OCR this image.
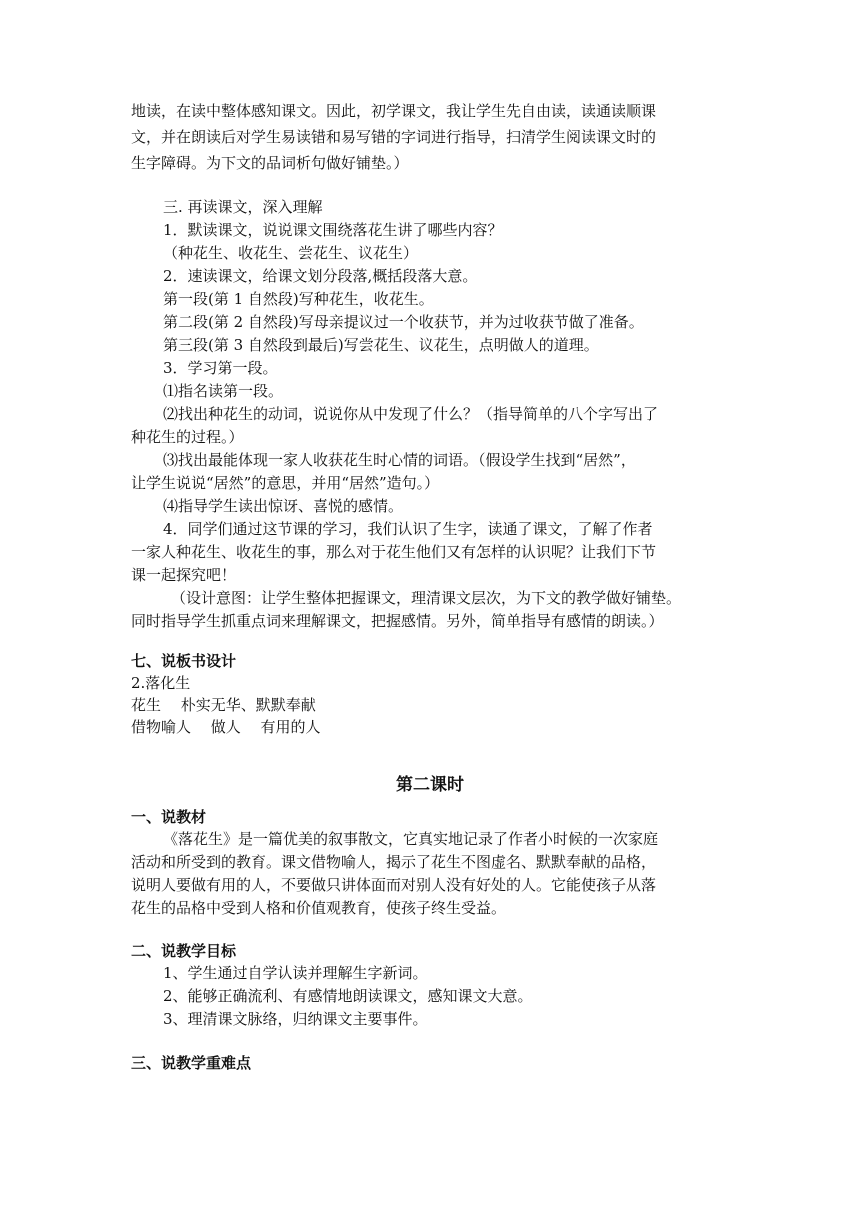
地读，在读中整体感知课文。因此，初学课文，我让学生先自由读，读通读顺课
文，并在朗读后对学生易读错和易写错的字词进行指导，扫清学生阅读课文时的
生字障碍。为下文的品词析句做好铺垫。）
三. 再读课文，深入理解
1．默读课文，说说课文围绕落花生讲了哪些内容？
（种花生、收花生、尝花生、议花生）
2．速读课文，给课文划分段落,概括段落大意。
第一段(第 1 自然段)写种花生，收花生。
第二段(第 2 自然段)写母亲提议过一个收获节，并为过收获节做了准备。
第三段(第 3 自然段到最后)写尝花生、议花生，点明做人的道理。
3．学习第一段。
⑴指名读第一段。
⑵找出种花生的动词，说说你从中发现了什么？（指导简单的八个字写出了
种花生的过程。）
⑶找出最能体现一家人收获花生时心情的词语。（假设学生找到“居然”，
让学生说说“居然”的意思，并用“居然”造句。）
⑷指导学生读出惊讶、喜悦的感情。
4．同学们通过这节课的学习，我们认识了生字，读通了课文，了解了作者
一家人种花生、收花生的事，那么对于花生他们又有怎样的认识呢？让我们下节
课一起探究吧！
（设计意图：让学生整体把握课文，理清课文层次，为下文的教学做好铺垫。
同时指导学生抓重点词来理解课文，把握感情。另外，简单指导有感情的朗读。）
七、说板书设计
2.落化生
花生　 朴实无华、默默奉献
借物喻人　 做人　 有用的人
第二课时
一、说教材
《落花生》是一篇优美的叙事散文，它真实地记录了作者小时候的一次家庭
活动和所受到的教育。课文借物喻人，揭示了花生不图虚名、默默奉献的品格，
说明人要做有用的人，不要做只讲体面而对别人没有好处的人。它能使孩子从落
花生的品格中受到人格和价值观教育，使孩子终生受益。
二、说教学目标
1、学生通过自学认读并理解生字新词。
2、能够正确流利、有感情地朗读课文，感知课文大意。
3、理清课文脉络，归纳课文主要事件。
三、说教学重难点
